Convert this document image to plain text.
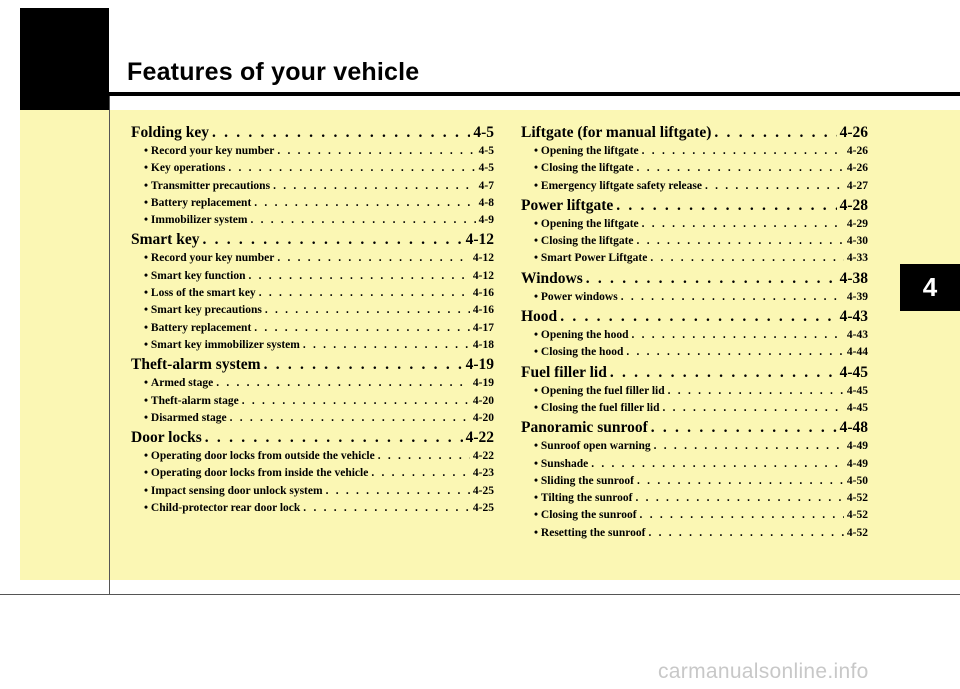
Features of your vehicle
4
Folding key . . .	4-5
• Record your key number . . .	4-5
• Key operations . . .	4-5
• Transmitter precautions . . .	4-7
• Battery replacement . . .	4-8
• Immobilizer system . . .	4-9
Smart key . . .	4-12
• Record your key number . . .	4-12
• Smart key function . . .	4-12
• Loss of the smart key . . .	4-16
• Smart key precautions . . .	4-16
• Battery replacement . . .	4-17
• Smart key immobilizer system . . .	4-18
Theft-alarm system . . .	4-19
• Armed stage . . .	4-19
• Theft-alarm stage . . .	4-20
• Disarmed stage . . .	4-20
Door locks . . .	4-22
• Operating door locks from outside the vehicle . . .	4-22
• Operating door locks from inside the vehicle . . .	4-23
• Impact sensing door unlock system . . .	4-25
• Child-protector rear door lock . . .	4-25
Liftgate (for manual liftgate) . . .	4-26
• Opening the liftgate . . .	4-26
• Closing the liftgate . . .	4-26
• Emergency liftgate safety release . . .	4-27
Power liftgate . . .	4-28
• Opening the liftgate . . .	4-29
• Closing the liftgate . . .	4-30
• Smart Power Liftgate . . .	4-33
Windows . . .	4-38
• Power windows . . .	4-39
Hood . . .	4-43
• Opening the hood . . .	4-43
• Closing the hood . . .	4-44
Fuel filler lid . . .	4-45
• Opening the fuel filler lid . . .	4-45
• Closing the fuel filler lid . . .	4-45
Panoramic sunroof . . .	4-48
• Sunroof open warning . . .	4-49
• Sunshade . . .	4-49
• Sliding the sunroof . . .	4-50
• Tilting the sunroof . . .	4-52
• Closing the sunroof . . .	4-52
• Resetting the sunroof . . .	4-52
carmanualsonline.info
